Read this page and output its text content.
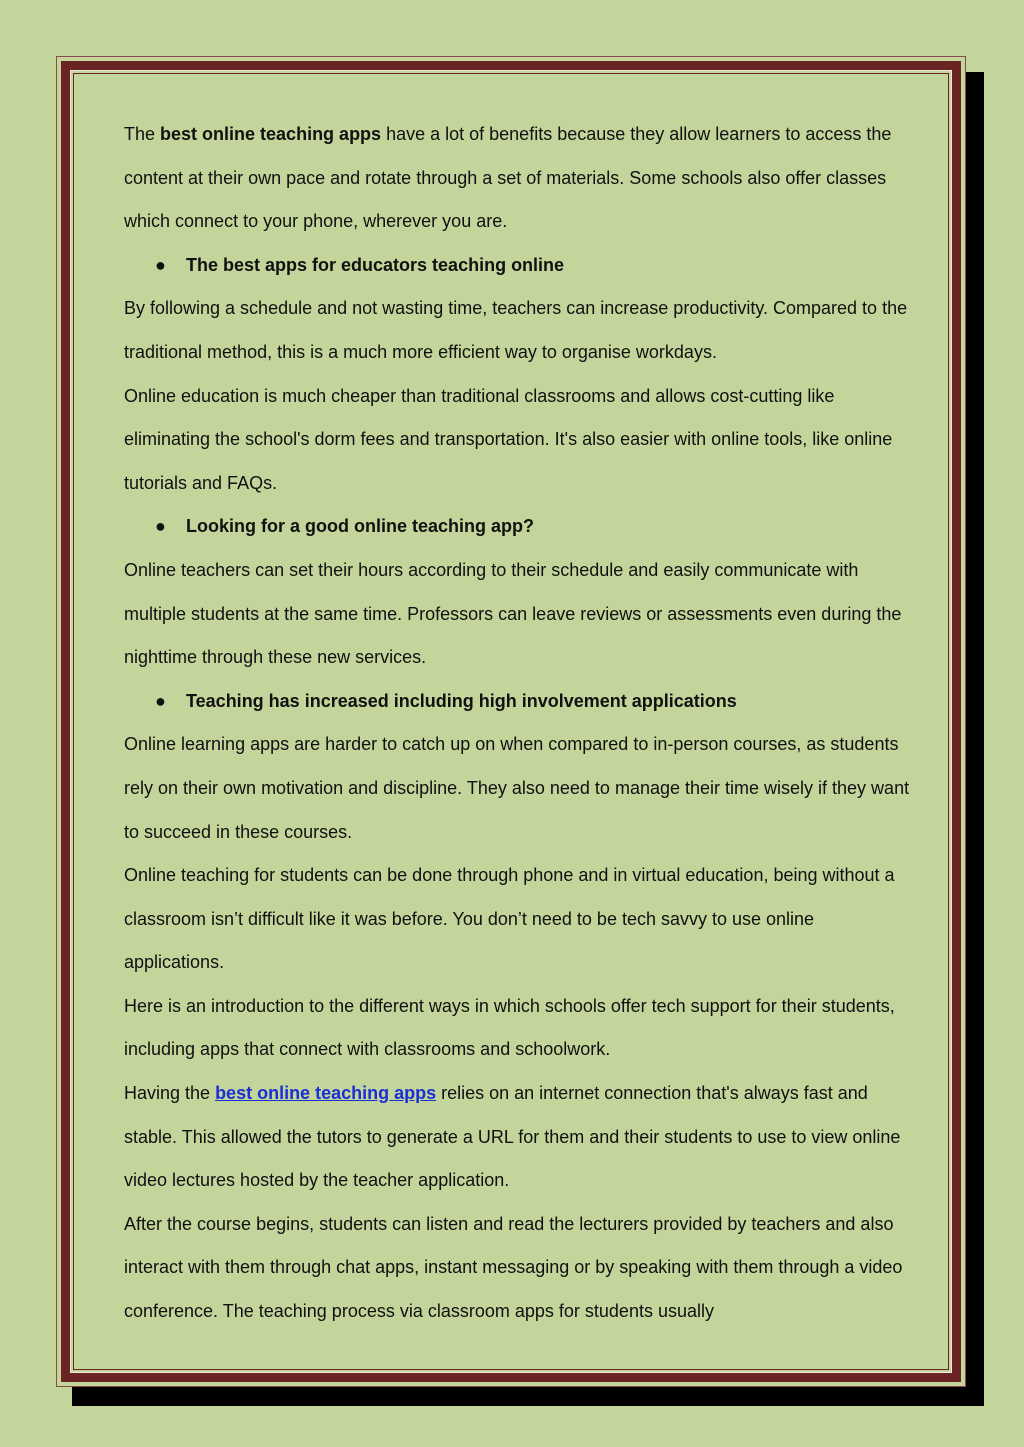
The best online teaching apps have a lot of benefits because they allow learners to access the content at their own pace and rotate through a set of materials. Some schools also offer classes which connect to your phone, wherever you are.

● The best apps for educators teaching online

By following a schedule and not wasting time, teachers can increase productivity. Compared to the traditional method, this is a much more efficient way to organise workdays.

Online education is much cheaper than traditional classrooms and allows cost-cutting like eliminating the school's dorm fees and transportation. It's also easier with online tools, like online tutorials and FAQs.

● Looking for a good online teaching app?

Online teachers can set their hours according to their schedule and easily communicate with multiple students at the same time. Professors can leave reviews or assessments even during the nighttime through these new services.

● Teaching has increased including high involvement applications

Online learning apps are harder to catch up on when compared to in-person courses, as students rely on their own motivation and discipline. They also need to manage their time wisely if they want to succeed in these courses.

Online teaching for students can be done through phone and in virtual education, being without a classroom isn’t difficult like it was before. You don’t need to be tech savvy to use online applications.

Here is an introduction to the different ways in which schools offer tech support for their students, including apps that connect with classrooms and schoolwork.

Having the best online teaching apps relies on an internet connection that's always fast and stable. This allowed the tutors to generate a URL for them and their students to use to view online video lectures hosted by the teacher application.

After the course begins, students can listen and read the lecturers provided by teachers and also interact with them through chat apps, instant messaging or by speaking with them through a video conference. The teaching process via classroom apps for students usually
